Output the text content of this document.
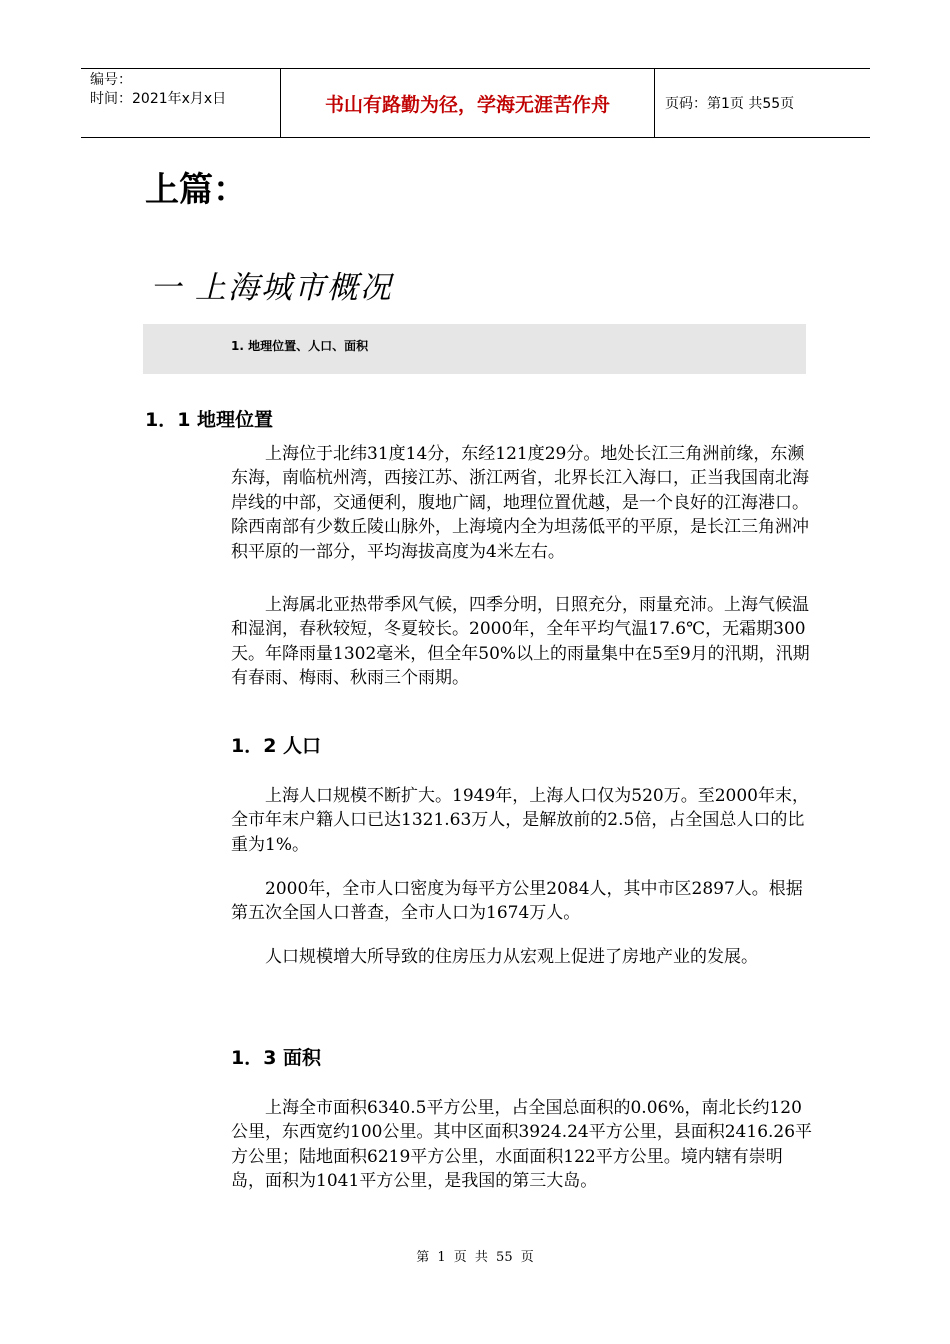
编号：
时间：2021年x月x日	书山有路勤为径，学海无涯苦作舟	页码：第1页 共55页
上篇：
一 上海城市概况
1. 地理位置、人口、面积
1．1 地理位置
上海位于北纬31度14分，东经121度29分。地处长江三角洲前缘，东濒东海，南临杭州湾，西接江苏、浙江两省，北界长江入海口，正当我国南北海岸线的中部，交通便利，腹地广阔，地理位置优越，是一个良好的江海港口。除西南部有少数丘陵山脉外，上海境内全为坦荡低平的平原，是长江三角洲冲积平原的一部分，平均海拔高度为4米左右。
上海属北亚热带季风气候，四季分明，日照充分，雨量充沛。上海气候温和湿润，春秋较短，冬夏较长。2000年，全年平均气温17.6℃，无霜期300天。年降雨量1302毫米，但全年50%以上的雨量集中在5至9月的汛期，汛期有春雨、梅雨、秋雨三个雨期。
1．2 人口
上海人口规模不断扩大。1949年，上海人口仅为520万。至2000年末，全市年末户籍人口已达1321.63万人，是解放前的2.5倍，占全国总人口的比重为1%。
2000年，全市人口密度为每平方公里2084人，其中市区2897人。根据第五次全国人口普查，全市人口为1674万人。
人口规模增大所导致的住房压力从宏观上促进了房地产业的发展。
1．3 面积
上海全市面积6340.5平方公里，占全国总面积的0.06%，南北长约120公里，东西宽约100公里。其中区面积3924.24平方公里，县面积2416.26平方公里；陆地面积6219平方公里，水面面积122平方公里。境内辖有崇明岛，面积为1041平方公里，是我国的第三大岛。
第 1 页 共 55 页
